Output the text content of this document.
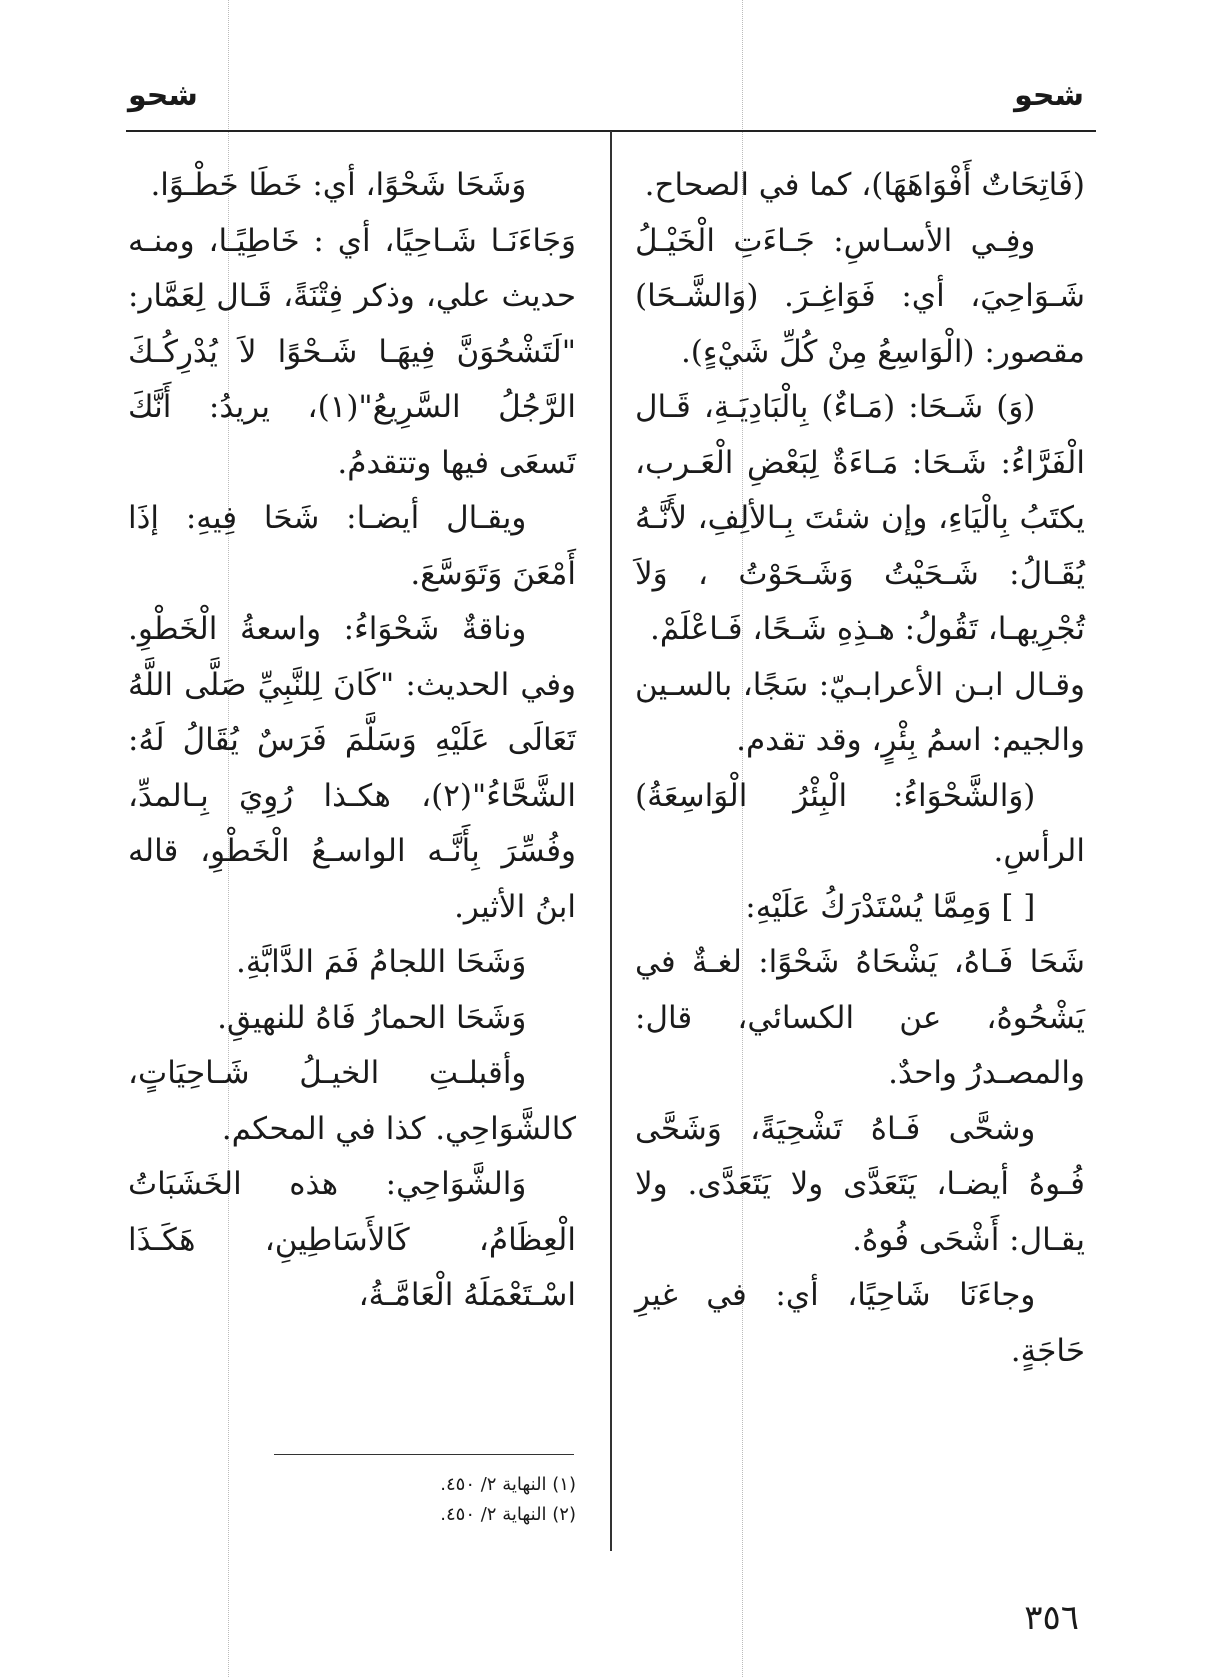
شحو
شحو

(فَاتِحَاتٌ أَفْوَاهَهَا)، كما في الصحاح.

وفِـي الأسـاسِ: جَـاءَتِ الْخَيْـلُ شَـوَاحِيَ، أي: فَوَاغِـرَ. (وَالشَّـحَا) مقصور: (الْوَاسِعُ مِنْ كُلِّ شَيْءٍ).

(وَ) شَـحَا: (مَـاءٌ) بِالْبَادِيَـةِ، قَـال الْفَرَّاءُ: شَـحَا: مَـاءَةٌ لِبَعْضِ الْعَـرب، يكتَبُ بِالْيَاءِ، وإن شئتَ بِـالألِفِ، لأَنَّـهُ يُقَـالُ: شَـحَيْتُ وَشَـحَوْتُ ، وَلاَ تُجْرِيهـا، تَقُولُ: هـذِهِ شَـحًا، فَـاعْلَمْ.

وقـال ابـن الأعرابـيّ: سَجًا، بالسـين والجيم: اسمُ بِئْرٍ، وقد تقدم.

(وَالشَّحْوَاءُ: الْبِئْرُ الْوَاسِعَةُ) الرأسِ.

[ ] وَمِمَّا يُسْتَدْرَكُ عَلَيْهِ:

شَحَا فَـاهُ، يَشْحَاهُ شَحْوًا: لغـةٌ في يَشْحُوهُ، عن الكسائي، قال: والمصـدرُ واحدٌ.

وشحَّى فَـاهُ تَشْحِيَةً، وَشَحَّى فُـوهُ أيضـا، يَتَعَدَّى ولا يَتَعَدَّى. ولا يقـال: أَشْحَى فُوهُ.

وجاءَنَا شَاحِيًا، أي: في غيرِ حَاجَةٍ.

وَشَحَا شَحْوًا، أي: خَطَا خَطْـوًا.

وَجَاءَنَـا شَـاحِيًا، أي : خَاطِيًـا، ومنـه حديث علي، وذكر فِتْنَةً، قَـال لِعَمَّار: "لَتَشْحُوَنَّ فِيهَـا شَـحْوًا لاَ يُدْرِكُـكَ الرَّجُلُ السَّرِيعُ"(١)، يريدُ: أَنَّكَ تَسعَى فيها وتتقدمُ.

ويقـال أيضـا: شَحَا فِيهِ: إذَا أَمْعَنَ وَتَوَسَّعَ.

وناقةٌ شَحْوَاءُ: واسعةُ الْخَطْوِ. وفي الحديث: "كَانَ لِلنَّبِيِّ صَلَّى اللَّهُ تَعَالَى عَلَيْهِ وَسَلَّمَ فَرَسٌ يُقَالُ لَهُ: الشَّحَّاءُ"(٢)، هكـذا رُوِيَ بِـالمدِّ، وفُسِّرَ بِأَنَّـه الواسـعُ الْخَطْوِ، قاله ابنُ الأثير.

وَشَحَا اللجامُ فَمَ الدَّابَّةِ.

وَشَحَا الحمارُ فَاهُ للنهيقِ.

وأقبلـتِ الخيـلُ شَـاحِيَاتٍ، كالشَّوَاحِي. كذا في المحكم.

وَالشَّوَاحِي: هذه الخَشَبَاتُ الْعِظَامُ، كَالأَسَاطِينِ، هَكَـذَا اسْـتَعْمَلَهُ الْعَامَّـةُ،

(١) النهاية ٢/ ٤٥٠.

(٢) النهاية ٢/ ٤٥٠.

٣٥٦
